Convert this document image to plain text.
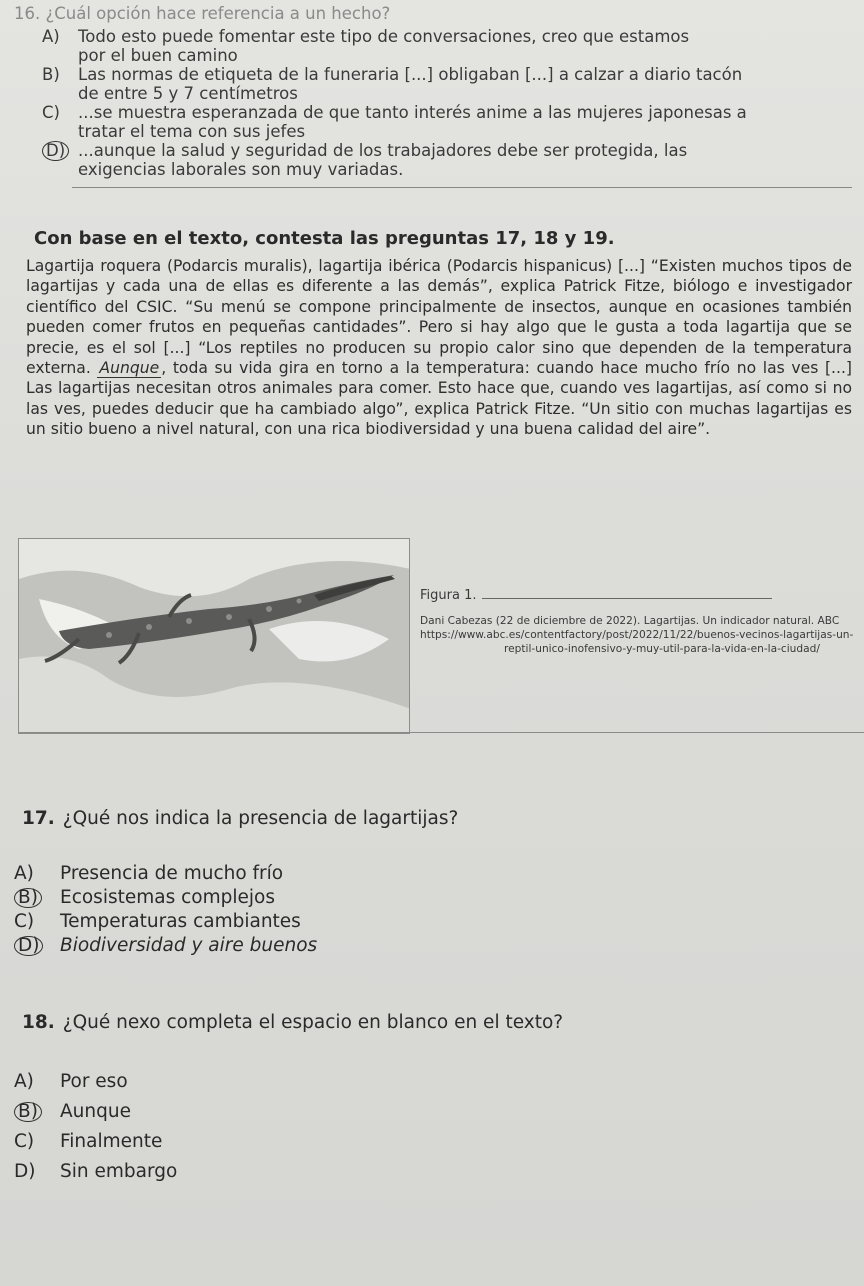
16. ¿Cuál opción hace referencia a un hecho?
A) Todo esto puede fomentar este tipo de conversaciones, creo que estamos
por el buen camino
B) Las normas de etiqueta de la funeraria [...] obligaban [...] a calzar a diario tacón
de entre 5 y 7 centímetros
C) ...se muestra esperanzada de que tanto interés anime a las mujeres japonesas a
tratar el tema con sus jefes
D) ...aunque la salud y seguridad de los trabajadores debe ser protegida, las
exigencias laborales son muy variadas.
Con base en el texto, contesta las preguntas 17, 18 y 19.
Lagartija roquera (Podarcis muralis), lagartija ibérica (Podarcis hispanicus) [...] “Existen muchos tipos de lagartijas y cada una de ellas es diferente a las demás”, explica Patrick Fitze, biólogo e investigador científico del CSIC. “Su menú se compone principalmente de insectos, aunque en ocasiones también pueden comer frutos en pequeñas cantidades”. Pero si hay algo que le gusta a toda lagartija que se precie, es el sol [...] “Los reptiles no producen su propio calor sino que dependen de la temperatura externa. Aunque , toda su vida gira en torno a la temperatura: cuando hace mucho frío no las ves [...] Las lagartijas necesitan otros animales para comer. Esto hace que, cuando ves lagartijas, así como si no las ves, puedes deducir que ha cambiado algo”, explica Patrick Fitze. “Un sitio con muchas lagartijas es un sitio bueno a nivel natural, con una rica biodiversidad y una buena calidad del aire”.
Figura 1.
Dani Cabezas (22 de diciembre de 2022). Lagartijas. Un indicador natural. ABC
https://www.abc.es/contentfactory/post/2022/11/22/buenos-vecinos-lagartijas-un-
reptil-unico-inofensivo-y-muy-util-para-la-vida-en-la-ciudad/
17. ¿Qué nos indica la presencia de lagartijas?
A) Presencia de mucho frío
B) Ecosistemas complejos
C) Temperaturas cambiantes
D) Biodiversidad y aire buenos
18. ¿Qué nexo completa el espacio en blanco en el texto?
A) Por eso
B) Aunque
C) Finalmente
D) Sin embargo
